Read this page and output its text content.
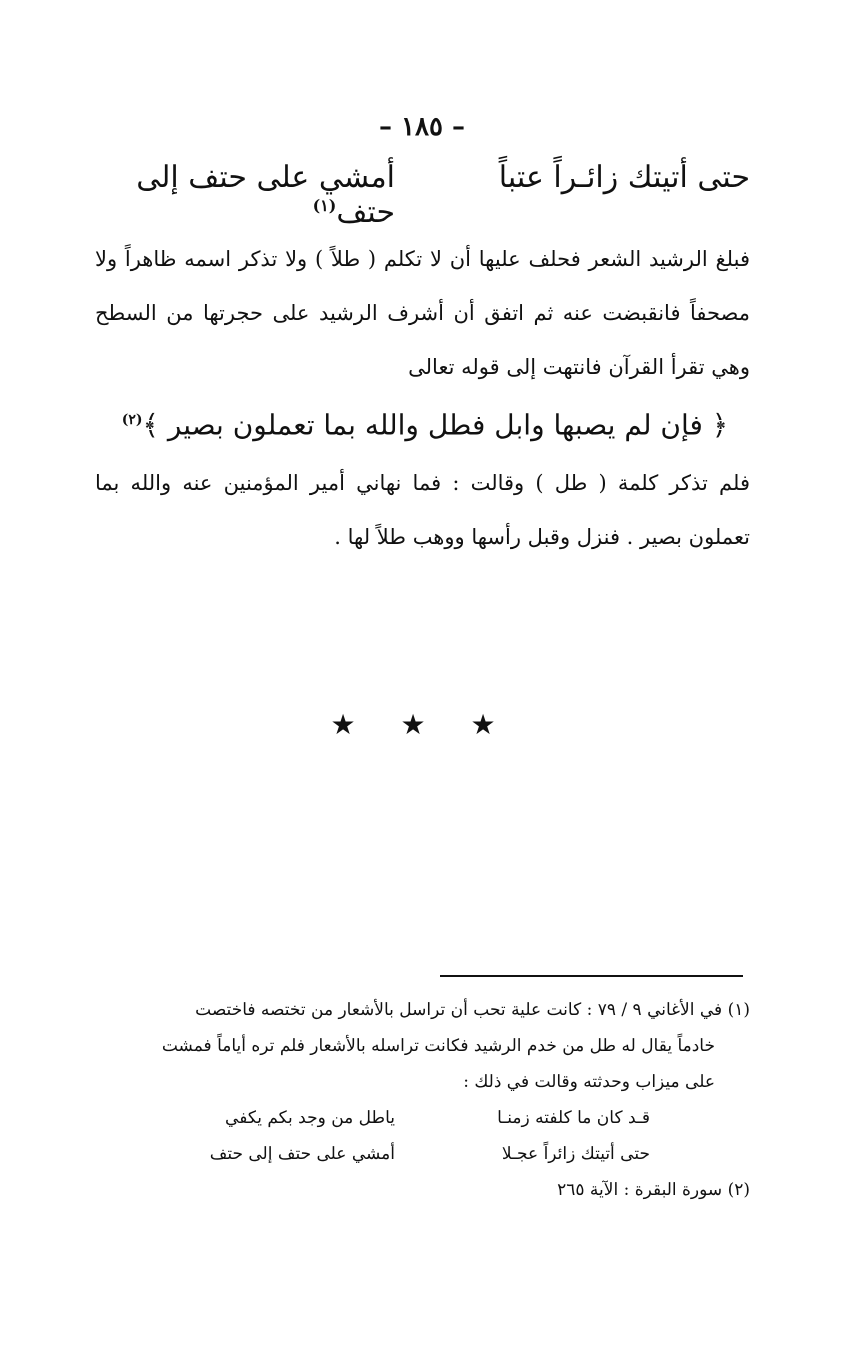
– ١٨٥ –
حتى أتيتك زائـراً عتباً
أمشي على حتف إلى حتف$^{(١)}$
فبلغ الرشيد الشعر فحلف عليها أن لا تكلم ( طلاً ) ولا تذكر اسمه ظاهراً ولا مصحفاً فانقبضت عنه ثم اتفق أن أشرف الرشيد على حجرتها من السطح وهي تقرأ القرآن فانتهت إلى قوله تعالى
﴿ فإن لم يصبها وابل فطل والله بما تعملون بصير ﴾$^{(٢)}$
فلم تذكر كلمة ( طل ) وقالت : فما نهاني أمير المؤمنين عنه والله بما تعملون بصير . فنزل وقبل رأسها ووهب طلاً لها .
★ ★ ★
(١) في الأغاني ٩ / ٧٩ : كانت علية تحب أن تراسل بالأشعار من تختصه فاختصت
خادماً يقال له طل من خدم الرشيد فكانت تراسله بالأشعار فلم تره أياماً فمشت
على ميزاب وحدثته وقالت في ذلك :
قـد كان ما كلفته زمنـا
ياطل من وجد بكم يكفي
حتى أتيتك زائراً عجـلا
أمشي على حتف إلى حتف
(٢) سورة البقرة : الآية ٢٦٥
